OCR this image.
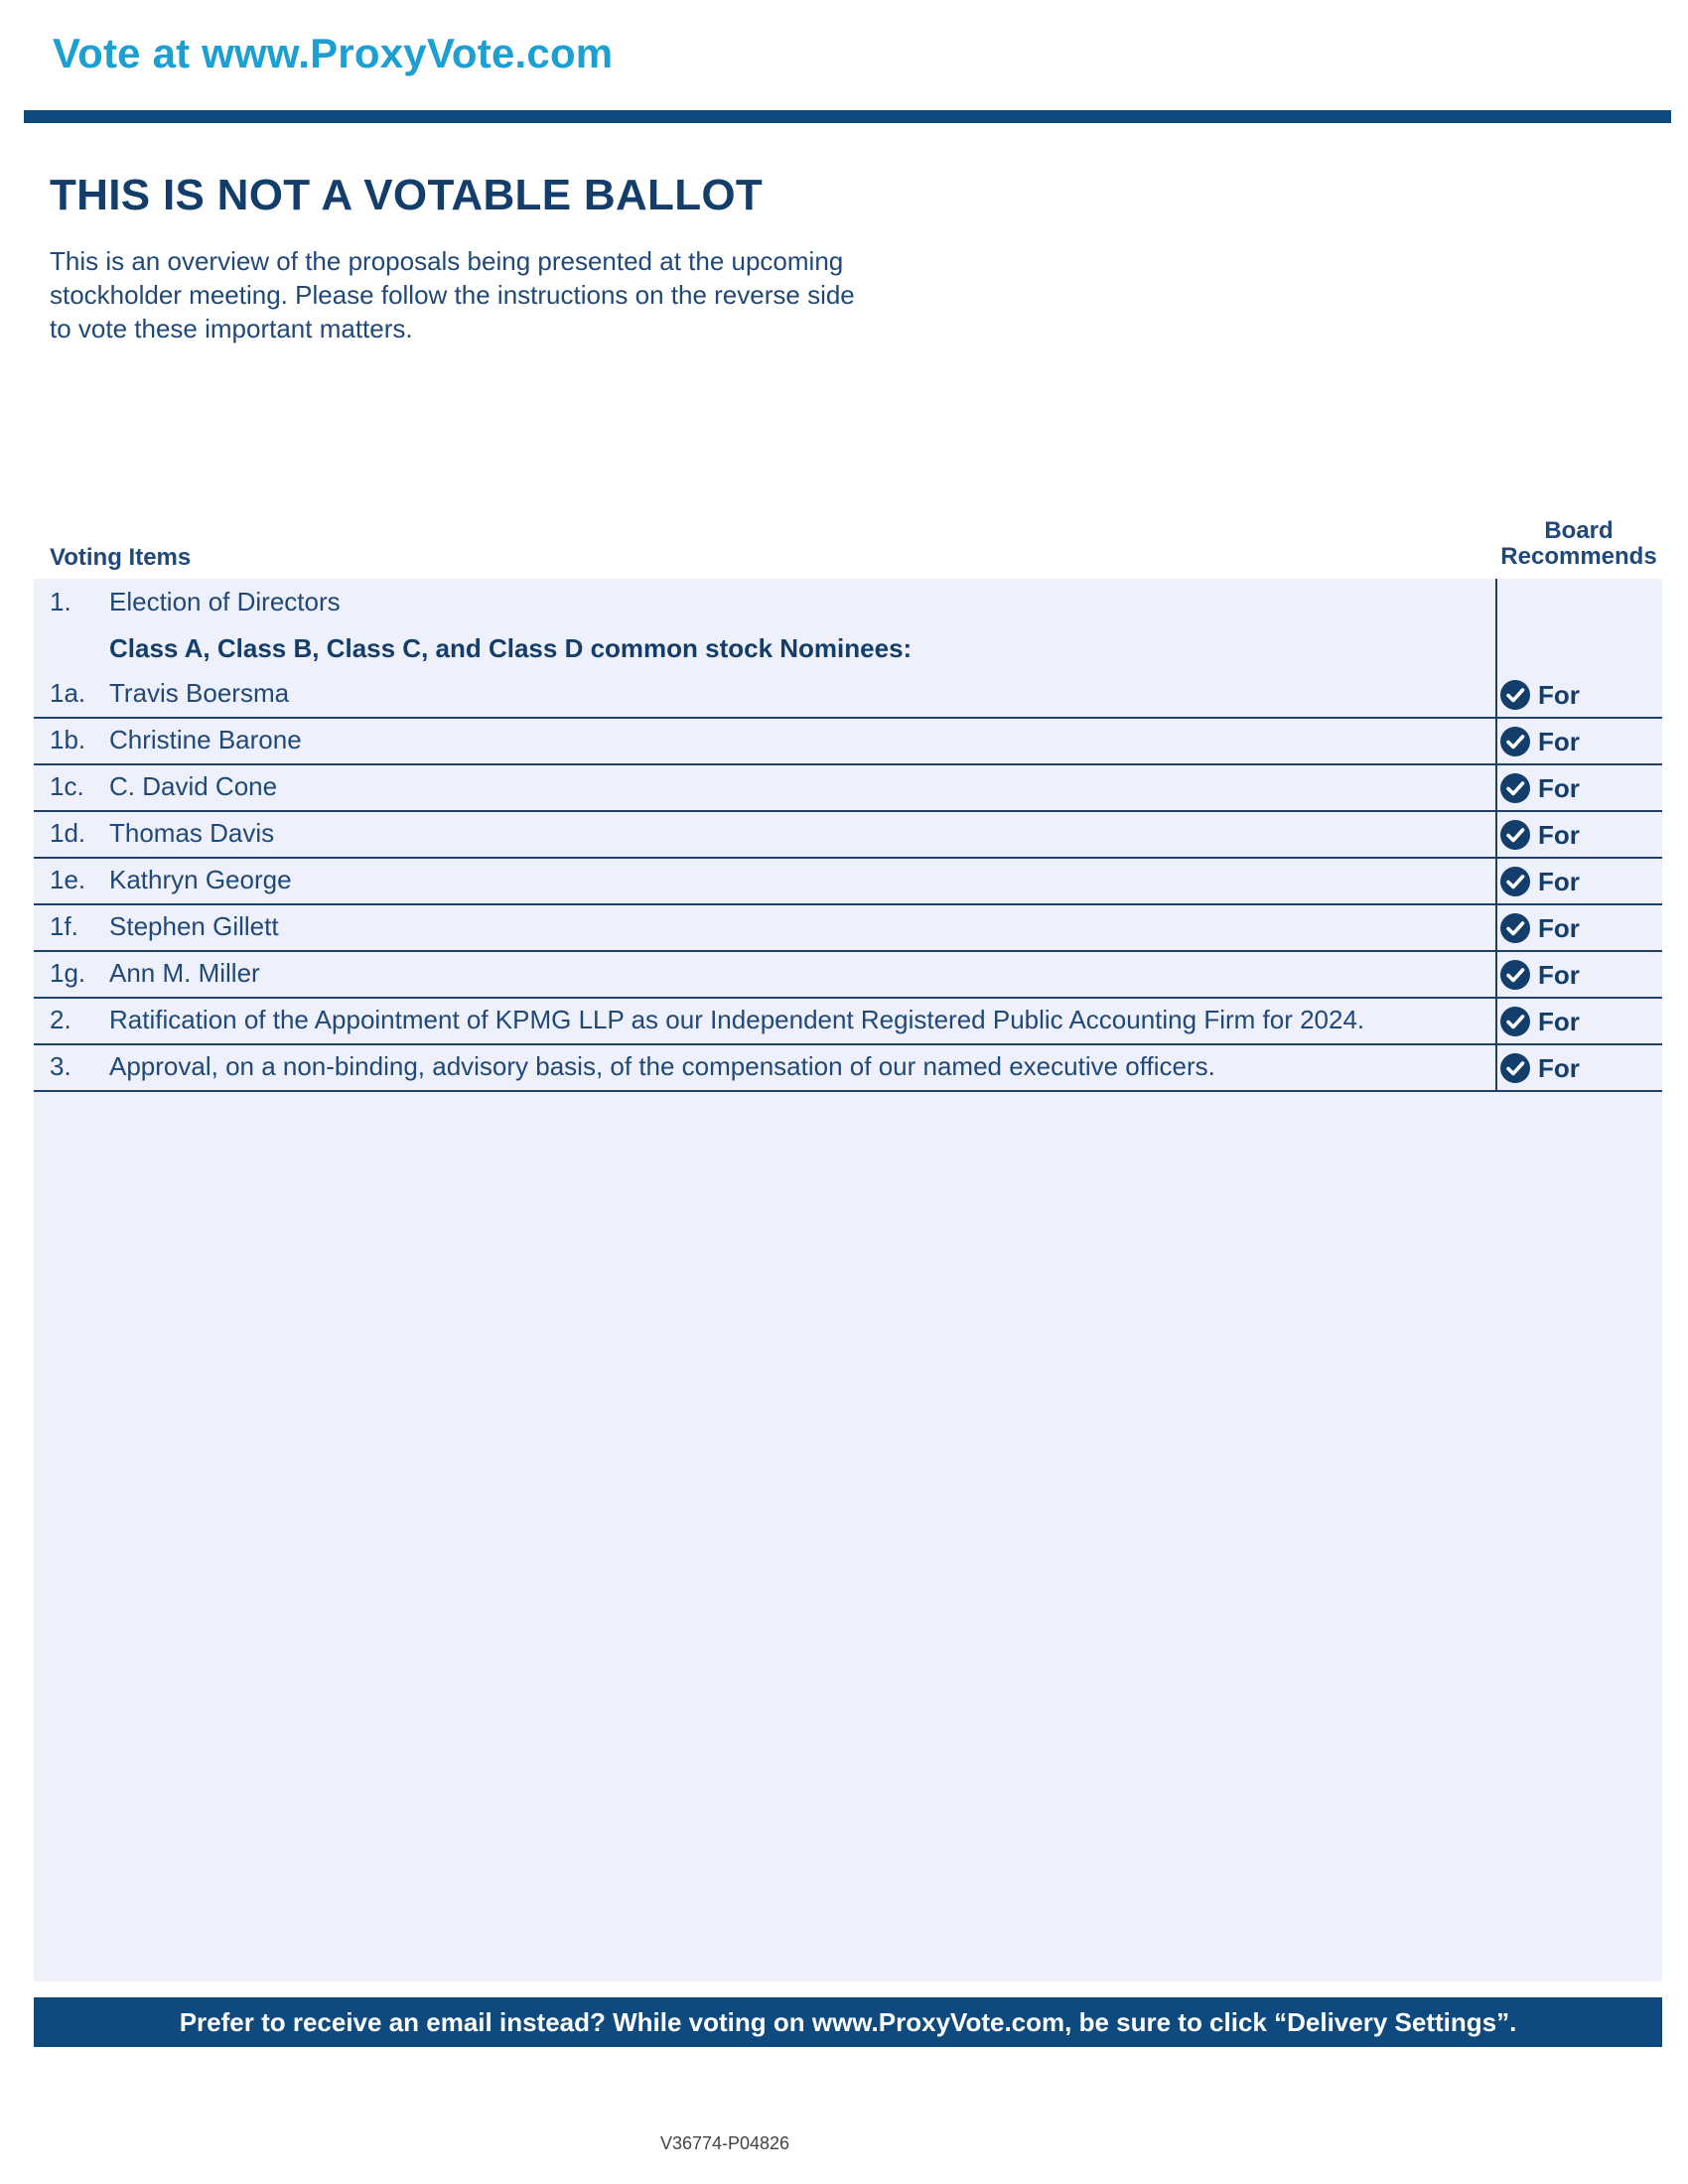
Vote at www.ProxyVote.com
THIS IS NOT A VOTABLE BALLOT
This is an overview of the proposals being presented at the upcoming stockholder meeting. Please follow the instructions on the reverse side to vote these important matters.
Voting Items
Board
Recommends
1. Election of Directors
Class A, Class B, Class C, and Class D common stock Nominees:
1a. Travis Boersma	For
1b. Christine Barone	For
1c. C. David Cone	For
1d. Thomas Davis	For
1e. Kathryn George	For
1f. Stephen Gillett	For
1g. Ann M. Miller	For
2. Ratification of the Appointment of KPMG LLP as our Independent Registered Public Accounting Firm for 2024.	For
3. Approval, on a non-binding, advisory basis, of the compensation of our named executive officers.	For
Prefer to receive an email instead? While voting on www.ProxyVote.com, be sure to click “Delivery Settings”.
V36774-P04826
